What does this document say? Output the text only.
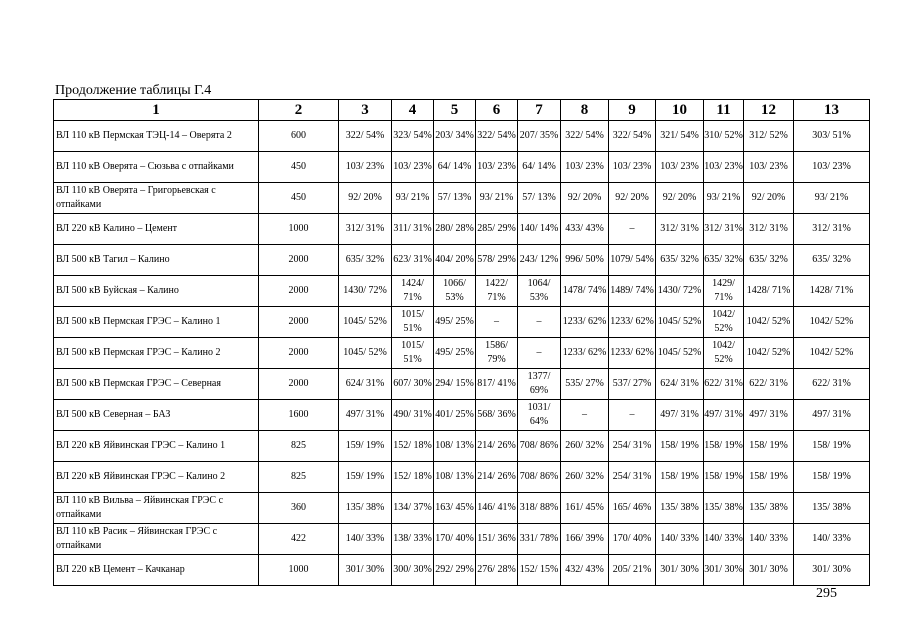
Продолжение таблицы Г.4
1	2	3	4	5	6	7	8	9	10	11	12	13
ВЛ 110 кВ Пермская ТЭЦ-14 – Оверята 2	600	322/ 54%	323/ 54%	203/ 34%	322/ 54%	207/ 35%	322/ 54%	322/ 54%	321/ 54%	310/ 52%	312/ 52%	303/ 51%
ВЛ 110 кВ Оверята – Сюзьва с отпайками	450	103/ 23%	103/ 23%	64/ 14%	103/ 23%	64/ 14%	103/ 23%	103/ 23%	103/ 23%	103/ 23%	103/ 23%	103/ 23%
ВЛ 110 кВ Оверята – Григорьевская с отпайками	450	92/ 20%	93/ 21%	57/ 13%	93/ 21%	57/ 13%	92/ 20%	92/ 20%	92/ 20%	93/ 21%	92/ 20%	93/ 21%
ВЛ 220 кВ Калино – Цемент	1000	312/ 31%	311/ 31%	280/ 28%	285/ 29%	140/ 14%	433/ 43%	–	312/ 31%	312/ 31%	312/ 31%	312/ 31%
ВЛ 500 кВ Тагил – Калино	2000	635/ 32%	623/ 31%	404/ 20%	578/ 29%	243/ 12%	996/ 50%	1079/ 54%	635/ 32%	635/ 32%	635/ 32%	635/ 32%
ВЛ 500 кВ Буйская – Калино	2000	1430/ 72%	1424/ 71%	1066/ 53%	1422/ 71%	1064/ 53%	1478/ 74%	1489/ 74%	1430/ 72%	1429/ 71%	1428/ 71%	1428/ 71%
ВЛ 500 кВ Пермская ГРЭС – Калино 1	2000	1045/ 52%	1015/ 51%	495/ 25%	–	–	1233/ 62%	1233/ 62%	1045/ 52%	1042/ 52%	1042/ 52%	1042/ 52%
ВЛ 500 кВ Пермская ГРЭС – Калино 2	2000	1045/ 52%	1015/ 51%	495/ 25%	1586/ 79%	–	1233/ 62%	1233/ 62%	1045/ 52%	1042/ 52%	1042/ 52%	1042/ 52%
ВЛ 500 кВ Пермская ГРЭС – Северная	2000	624/ 31%	607/ 30%	294/ 15%	817/ 41%	1377/ 69%	535/ 27%	537/ 27%	624/ 31%	622/ 31%	622/ 31%	622/ 31%
ВЛ 500 кВ Северная – БАЗ	1600	497/ 31%	490/ 31%	401/ 25%	568/ 36%	1031/ 64%	–	–	497/ 31%	497/ 31%	497/ 31%	497/ 31%
ВЛ 220 кВ Яйвинская ГРЭС – Калино 1	825	159/ 19%	152/ 18%	108/ 13%	214/ 26%	708/ 86%	260/ 32%	254/ 31%	158/ 19%	158/ 19%	158/ 19%	158/ 19%
ВЛ 220 кВ Яйвинская ГРЭС – Калино 2	825	159/ 19%	152/ 18%	108/ 13%	214/ 26%	708/ 86%	260/ 32%	254/ 31%	158/ 19%	158/ 19%	158/ 19%	158/ 19%
ВЛ 110 кВ Вильва – Яйвинская ГРЭС с отпайками	360	135/ 38%	134/ 37%	163/ 45%	146/ 41%	318/ 88%	161/ 45%	165/ 46%	135/ 38%	135/ 38%	135/ 38%	135/ 38%
ВЛ 110 кВ Расик – Яйвинская ГРЭС с отпайками	422	140/ 33%	138/ 33%	170/ 40%	151/ 36%	331/ 78%	166/ 39%	170/ 40%	140/ 33%	140/ 33%	140/ 33%	140/ 33%
ВЛ 220 кВ Цемент – Качканар	1000	301/ 30%	300/ 30%	292/ 29%	276/ 28%	152/ 15%	432/ 43%	205/ 21%	301/ 30%	301/ 30%	301/ 30%	301/ 30%
295
